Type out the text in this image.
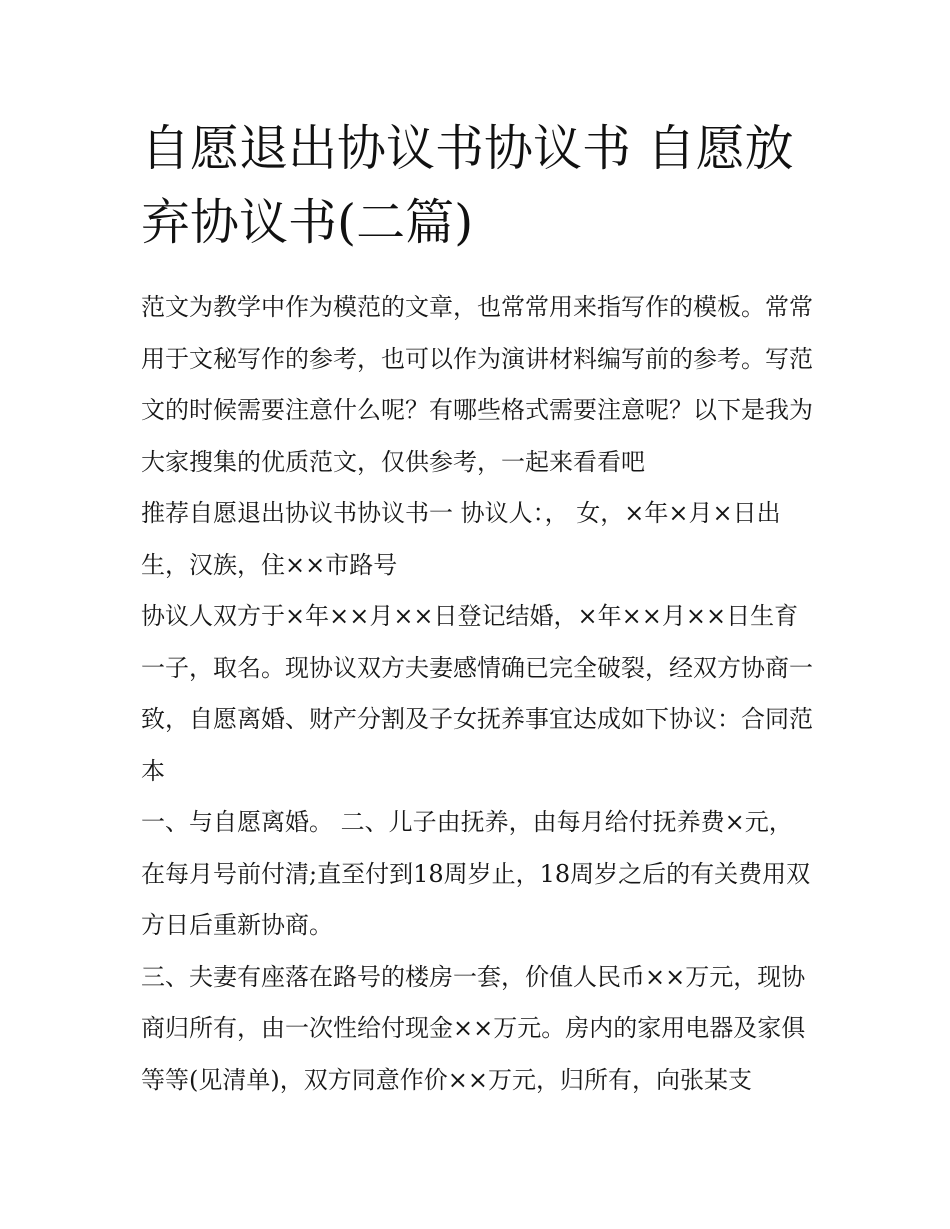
自愿退出协议书协议书 自愿放弃协议书(二篇)

范文为教学中作为模范的文章，也常常用来指写作的模板。常常用于文秘写作的参考，也可以作为演讲材料编写前的参考。写范文的时候需要注意什么呢？有哪些格式需要注意呢？以下是我为大家搜集的优质范文，仅供参考，一起来看看吧

推荐自愿退出协议书协议书一 协议人：， 女，×年×月×日出生，汉族，住××市路号

协议人双方于×年××月××日登记结婚，×年××月××日生育一子，取名。现协议双方夫妻感情确已完全破裂，经双方协商一致，自愿离婚、财产分割及子女抚养事宜达成如下协议：合同范本

一、与自愿离婚。 二、儿子由抚养，由每月给付抚养费×元，在每月号前付清;直至付到18周岁止，18周岁之后的有关费用双方日后重新协商。

三、夫妻有座落在路号的楼房一套，价值人民币××万元，现协商归所有，由一次性给付现金××万元。房内的家用电器及家俱等等(见清单)，双方同意作价××万元，归所有，向张某支
